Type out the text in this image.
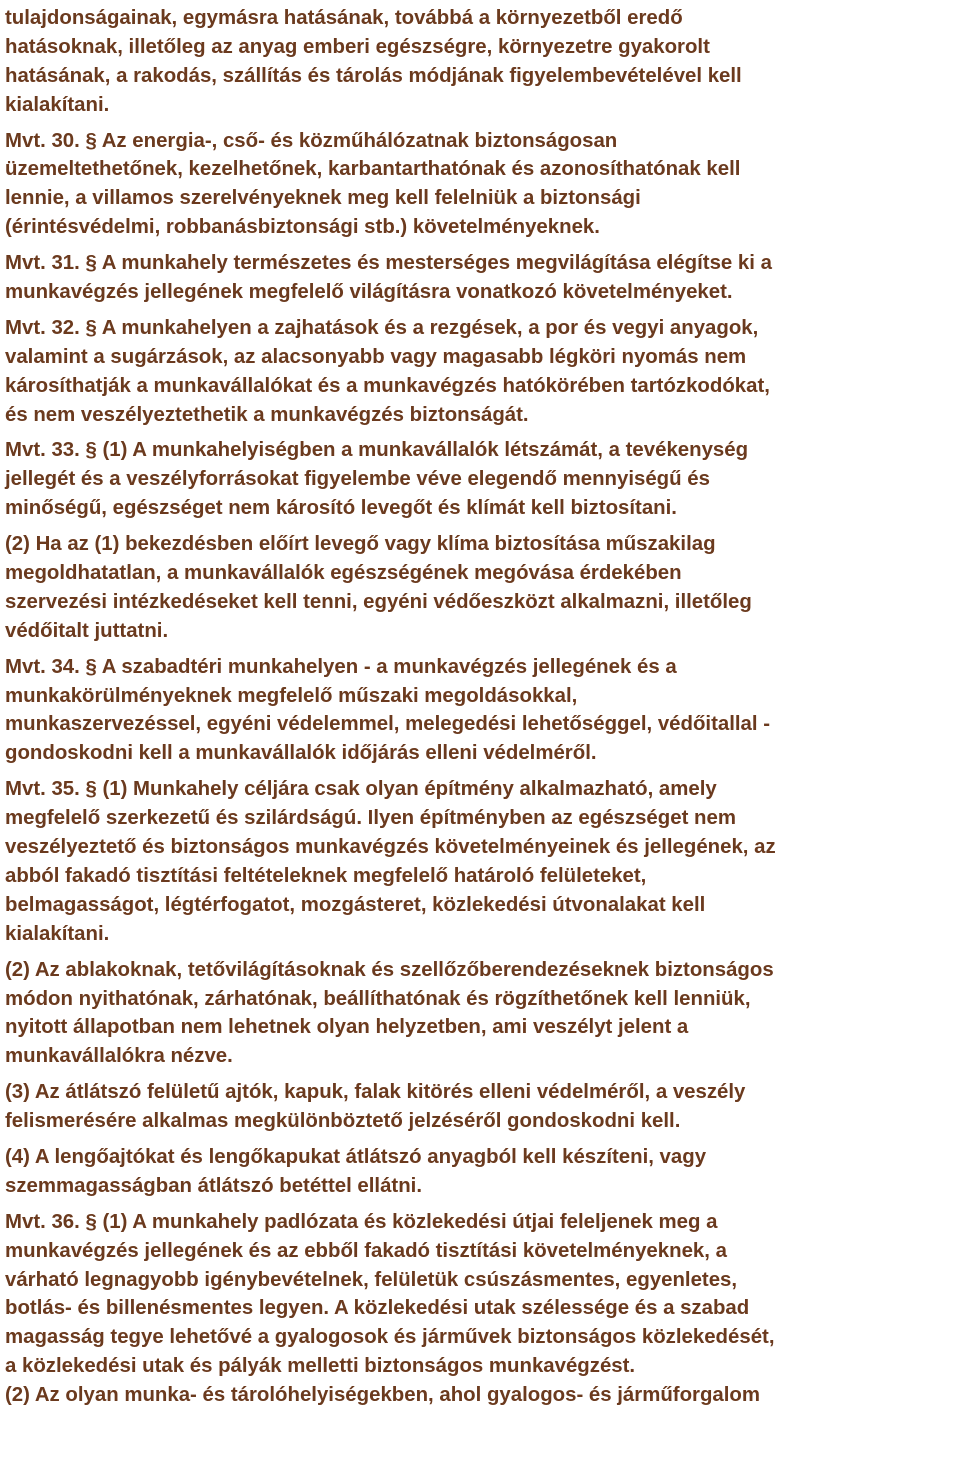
tulajdonságainak, egymásra hatásának, továbbá a környezetből eredő
hatásoknak, illetőleg az anyag emberi egészségre, környezetre gyakorolt
hatásának, a rakodás, szállítás és tárolás módjának figyelembevételével kell
kialakítani.
Mvt. 30. § Az energia-, cső- és közműhálózatnak biztonságosan
üzemeltethetőnek, kezelhetőnek, karbantarthatónak és azonosíthatónak kell
lennie, a villamos szerelvényeknek meg kell felelniük a biztonsági
(érintésvédelmi, robbanásbiztonsági stb.) követelményeknek.
Mvt. 31. § A munkahely természetes és mesterséges megvilágítása elégítse ki a
munkavégzés jellegének megfelelő világításra vonatkozó követelményeket.
Mvt. 32. § A munkahelyen a zajhatások és a rezgések, a por és vegyi anyagok,
valamint a sugárzások, az alacsonyabb vagy magasabb légköri nyomás nem
károsíthatják a munkavállalókat és a munkavégzés hatókörében tartózkodókat,
és nem veszélyeztethetik a munkavégzés biztonságát.
Mvt. 33. § (1) A munkahelyiségben a munkavállalók létszámát, a tevékenység
jellegét és a veszélyforrásokat figyelembe véve elegendő mennyiségű és
minőségű, egészséget nem károsító levegőt és klímát kell biztosítani.
(2) Ha az (1) bekezdésben előírt levegő vagy klíma biztosítása műszakilag
megoldhatatlan, a munkavállalók egészségének megóvása érdekében
szervezési intézkedéseket kell tenni, egyéni védőeszközt alkalmazni, illetőleg
védőitalt juttatni.
Mvt. 34. § A szabadtéri munkahelyen - a munkavégzés jellegének és a
munkakörülményeknek megfelelő műszaki megoldásokkal,
munkaszervezéssel, egyéni védelemmel, melegedési lehetőséggel, védőitallal -
gondoskodni kell a munkavállalók időjárás elleni védelméről.
Mvt. 35. § (1) Munkahely céljára csak olyan építmény alkalmazható, amely
megfelelő szerkezetű és szilárdságú. Ilyen építményben az egészséget nem
veszélyeztető és biztonságos munkavégzés követelményeinek és jellegének, az
abból fakadó tisztítási feltételeknek megfelelő határoló felületeket,
belmagasságot, légtérfogatot, mozgásteret, közlekedési útvonalakat kell
kialakítani.
(2) Az ablakoknak, tetővilágításoknak és szellőzőberendezéseknek biztonságos
módon nyithatónak, zárhatónak, beállíthatónak és rögzíthetőnek kell lenniük,
nyitott állapotban nem lehetnek olyan helyzetben, ami veszélyt jelent a
munkavállalókra nézve.
(3) Az átlátszó felületű ajtók, kapuk, falak kitörés elleni védelméről, a veszély
felismerésére alkalmas megkülönböztető jelzéséről gondoskodni kell.
(4) A lengőajtókat és lengőkapukat átlátszó anyagból kell készíteni, vagy
szemmagasságban átlátszó betéttel ellátni.
Mvt. 36. § (1) A munkahely padlózata és közlekedési útjai feleljenek meg a
munkavégzés jellegének és az ebből fakadó tisztítási követelményeknek, a
várható legnagyobb igénybevételnek, felületük csúszásmentes, egyenletes,
botlás- és billenésmentes legyen. A közlekedési utak szélessége és a szabad
magasság tegye lehetővé a gyalogosok és járművek biztonságos közlekedését,
a közlekedési utak és pályák melletti biztonságos munkavégzést.
(2) Az olyan munka- és tárolóhelyiségekben, ahol gyalogos- és járműforgalom
